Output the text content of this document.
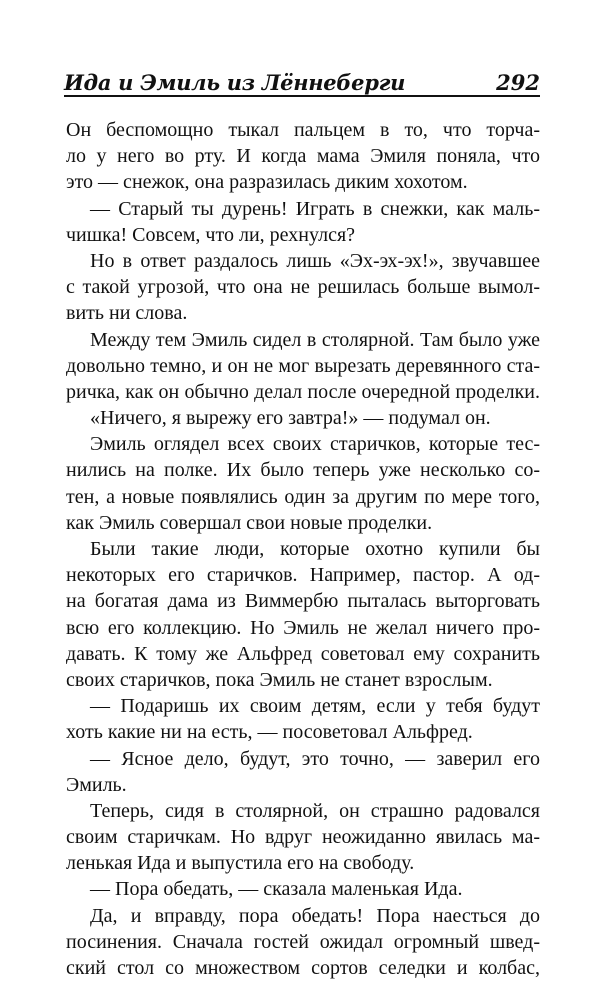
Ида и Эмиль из Лённеберги	292
Он беспомощно тыкал пальцем в то, что торча-
ло у него во рту. И когда мама Эмиля поняла, что
это — снежок, она разразилась диким хохотом.
— Старый ты дурень! Играть в снежки, как маль-
чишка! Совсем, что ли, рехнулся?
Но в ответ раздалось лишь «Эх-эх-эх!», звучавшее
с такой угрозой, что она не решилась больше вымол-
вить ни слова.
Между тем Эмиль сидел в столярной. Там было уже
довольно темно, и он не мог вырезать деревянного ста-
ричка, как он обычно делал после очередной проделки.
«Ничего, я вырежу его завтра!» — подумал он.
Эмиль оглядел всех своих старичков, которые тес-
нились на полке. Их было теперь уже несколько со-
тен, а новые появлялись один за другим по мере того,
как Эмиль совершал свои новые проделки.
Были такие люди, которые охотно купили бы
некоторых его старичков. Например, пастор. А од-
на богатая дама из Виммербю пыталась выторговать
всю его коллекцию. Но Эмиль не желал ничего про-
давать. К тому же Альфред советовал ему сохранить
своих старичков, пока Эмиль не станет взрослым.
— Подаришь их своим детям, если у тебя будут
хоть какие ни на есть, — посоветовал Альфред.
— Ясное дело, будут, это точно, — заверил его
Эмиль.
Теперь, сидя в столярной, он страшно радовался
своим старичкам. Но вдруг неожиданно явилась ма-
ленькая Ида и выпустила его на свободу.
— Пора обедать, — сказала маленькая Ида.
Да, и вправду, пора обедать! Пора наесться до
посинения. Сначала гостей ожидал огромный швед-
ский стол со множеством сортов селедки и колбас,
